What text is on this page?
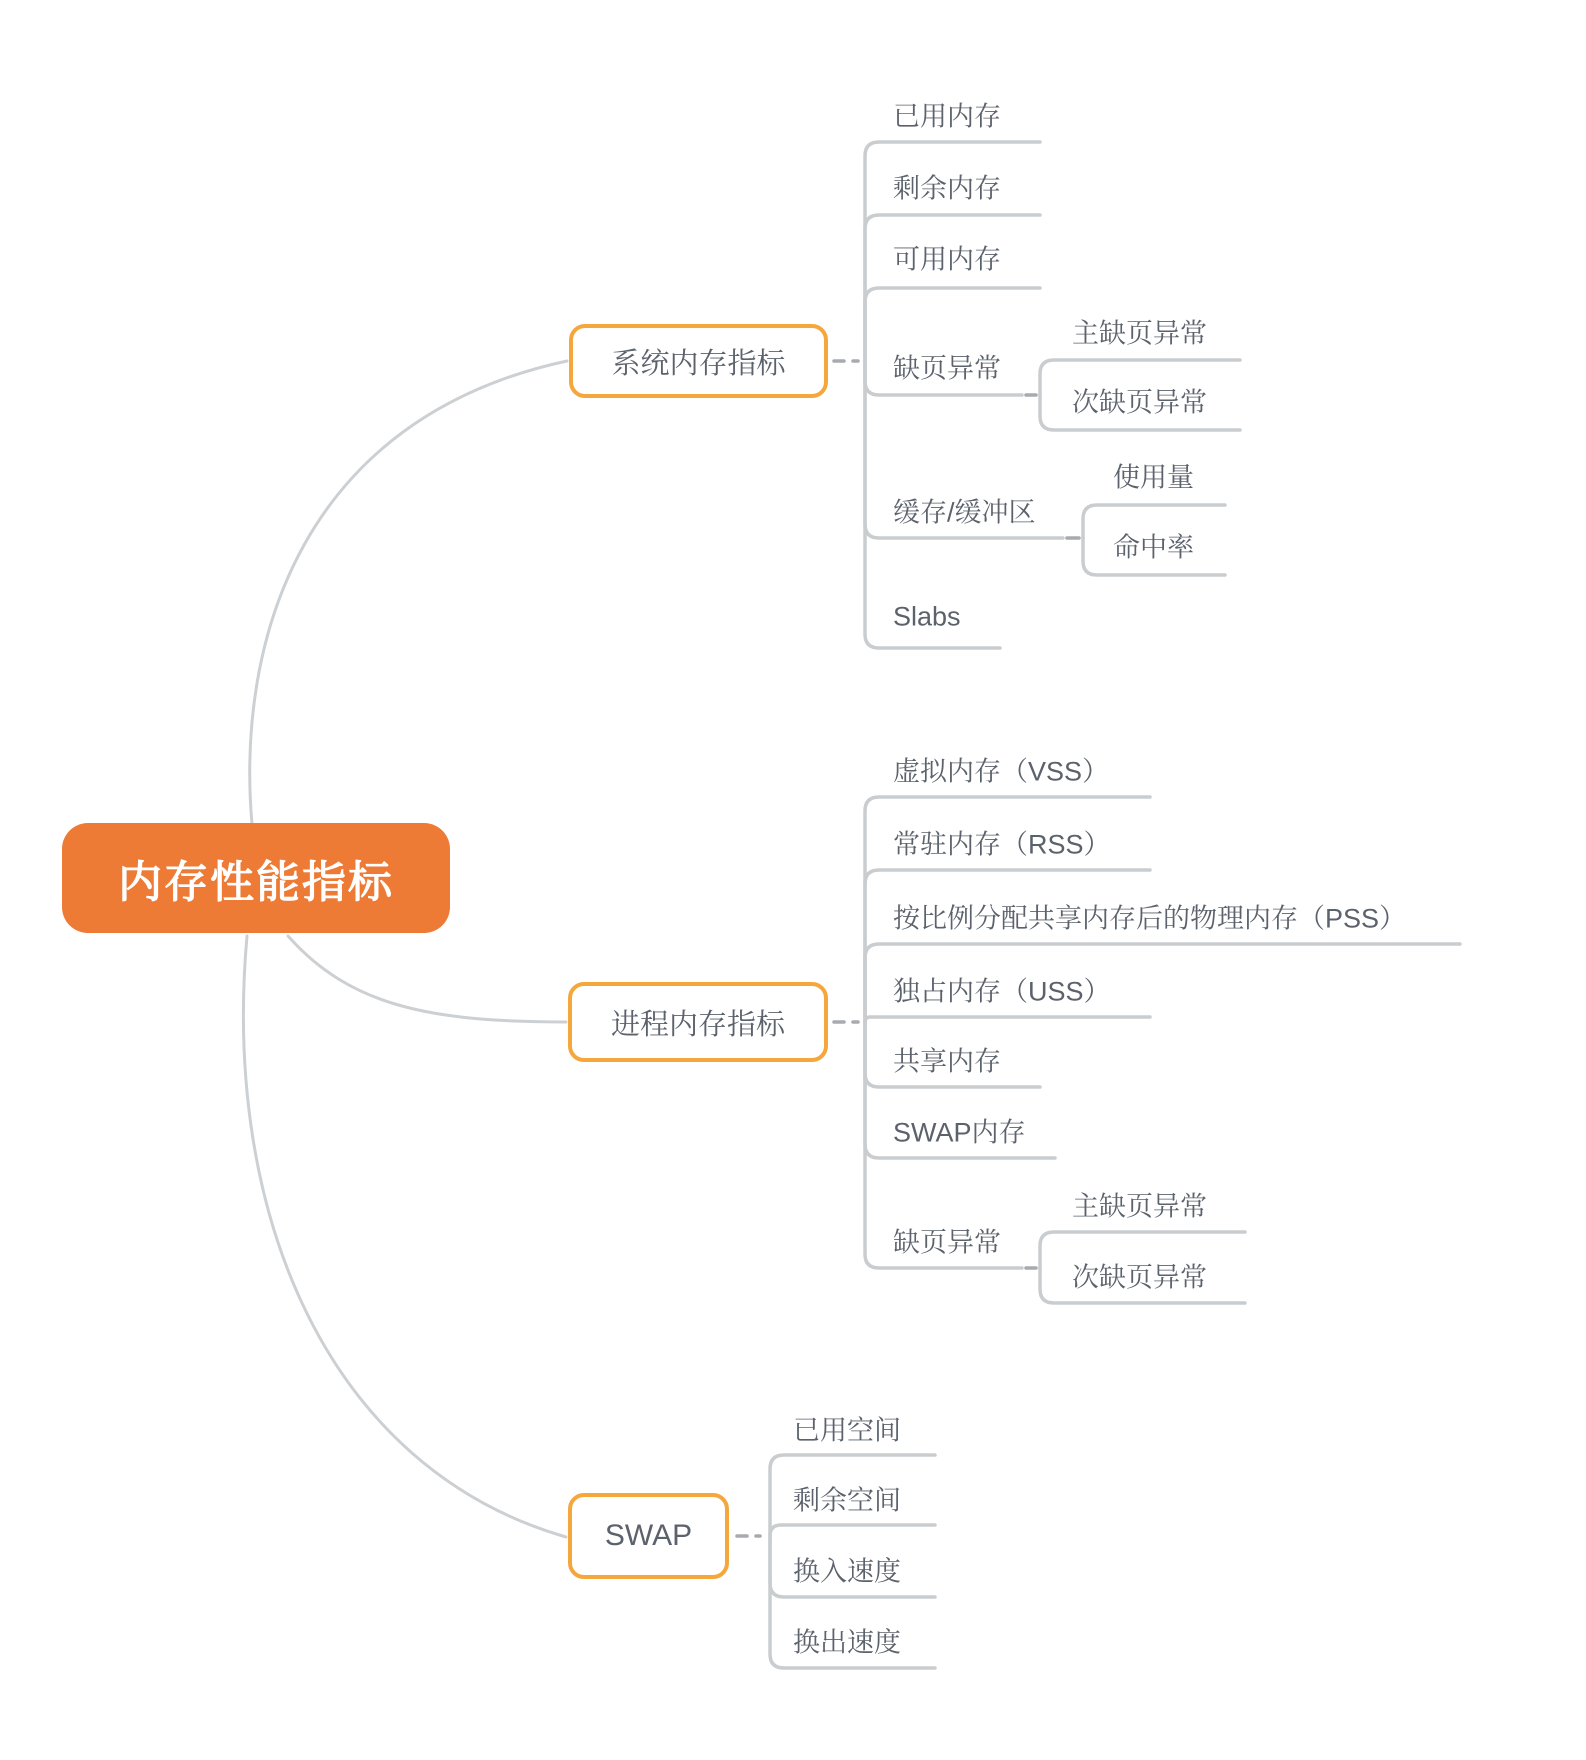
内存性能指标
系统内存指标
进程内存指标
SWAP
已用内存
剩余内存
可用内存
缺页异常
主缺页异常
次缺页异常
缓存/缓冲区
使用量
命中率
Slabs
虚拟内存（VSS）
常驻内存（RSS）
按比例分配共享内存后的物理内存（PSS）
独占内存（USS）
共享内存
SWAP内存
缺页异常
主缺页异常
次缺页异常
已用空间
剩余空间
换入速度
换出速度
